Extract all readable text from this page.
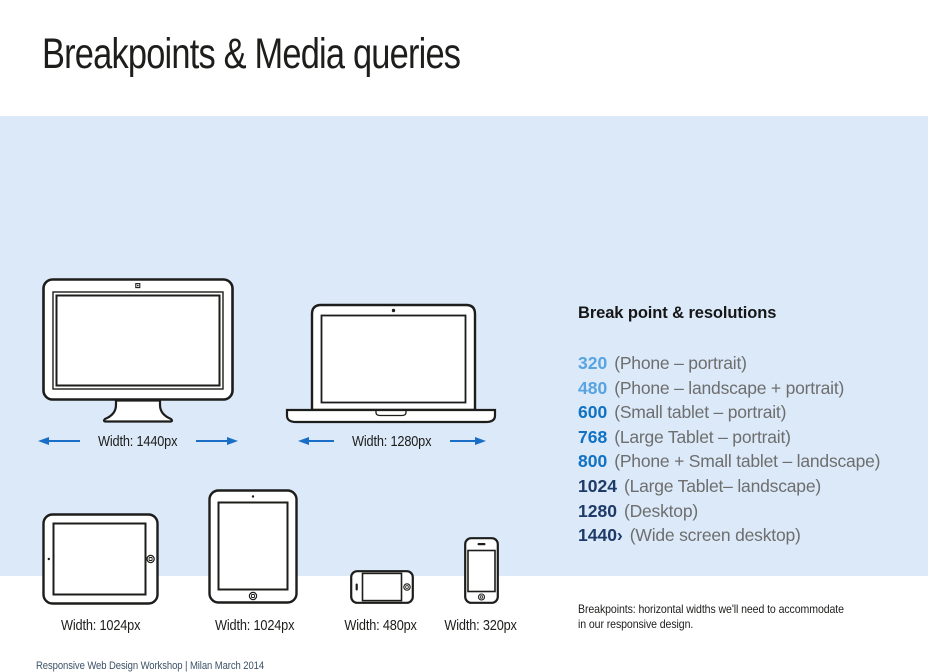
Breakpoints & Media queries
Width: 1440px	Width: 1280px
Width: 1024px	Width: 1024px	Width: 480px	Width: 320px
Break point & resolutions
320 (Phone – portrait)
480 (Phone – landscape + portrait)
600 (Small tablet – portrait)
768 (Large Tablet – portrait)
800 (Phone + Small tablet – landscape)
1024 (Large Tablet– landscape)
1280 (Desktop)
1440› (Wide screen desktop)
Breakpoints: horizontal widths we'll need to accommodate
in our responsive design.
Responsive Web Design Workshop | Milan March 2014
